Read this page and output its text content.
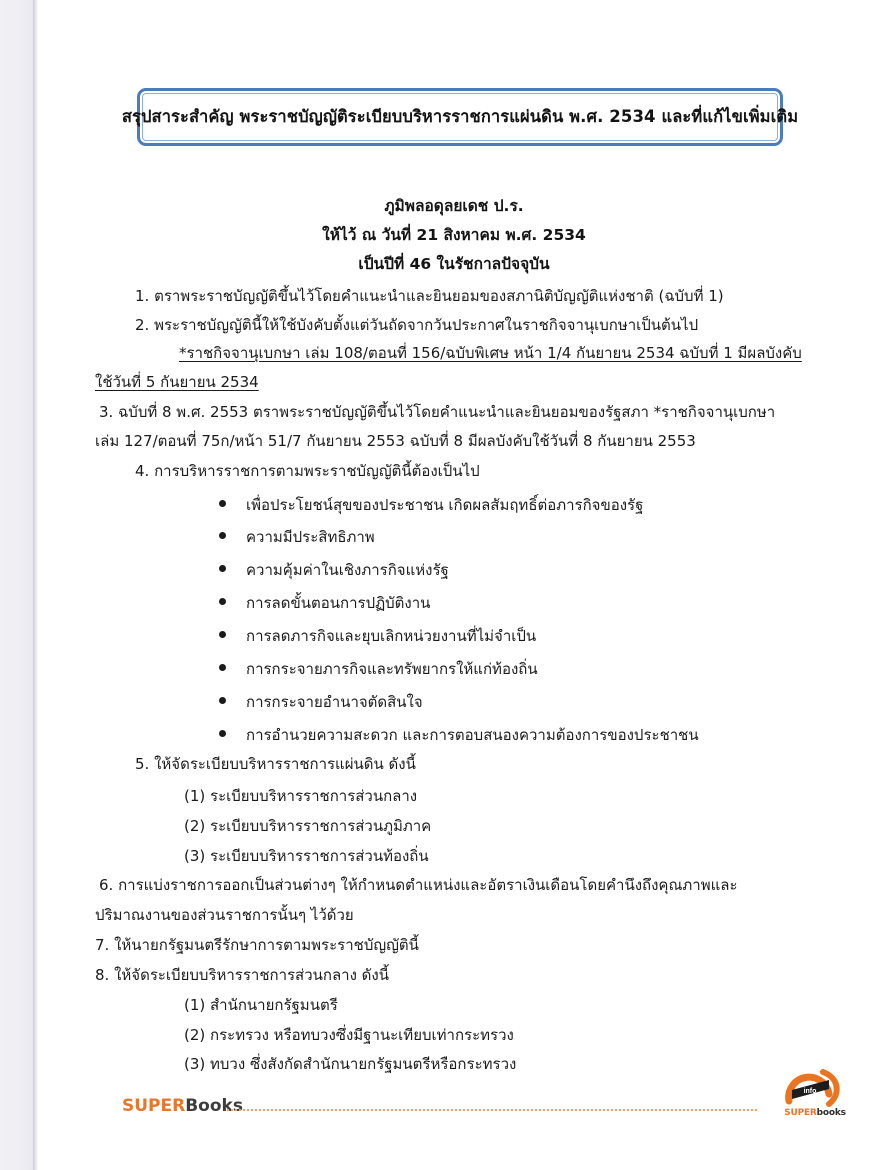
สรุปสาระสำคัญ พระราชบัญญัติระเบียบบริหารราชการแผ่นดิน พ.ศ. 2534 และที่แก้ไขเพิ่มเติม
ภูมิพลอดุลยเดช ป.ร.
ให้ไว้ ณ วันที่ 21 สิงหาคม พ.ศ. 2534
เป็นปีที่ 46 ในรัชกาลปัจจุบัน
1. ตราพระราชบัญญัติขึ้นไว้โดยคำแนะนำและยินยอมของสภานิติบัญญัติแห่งชาติ (ฉบับที่ 1)
2. พระราชบัญญัตินี้ให้ใช้บังคับตั้งแต่วันถัดจากวันประกาศในราชกิจจานุเบกษาเป็นต้นไป
*ราชกิจจานุเบกษา เล่ม 108/ตอนที่ 156/ฉบับพิเศษ หน้า 1/4 กันยายน 2534 ฉบับที่ 1 มีผลบังคับ
ใช้วันที่ 5 กันยายน 2534
3. ฉบับที่ 8 พ.ศ. 2553 ตราพระราชบัญญัติขึ้นไว้โดยคำแนะนำและยินยอมของรัฐสภา *ราชกิจจานุเบกษา
เล่ม 127/ตอนที่ 75ก/หน้า 51/7 กันยายน 2553 ฉบับที่ 8 มีผลบังคับใช้วันที่ 8 กันยายน 2553
4. การบริหารราชการตามพระราชบัญญัตินี้ต้องเป็นไป
เพื่อประโยชน์สุขของประชาชน เกิดผลสัมฤทธิ์ต่อภารกิจของรัฐ
ความมีประสิทธิภาพ
ความคุ้มค่าในเชิงภารกิจแห่งรัฐ
การลดขั้นตอนการปฏิบัติงาน
การลดภารกิจและยุบเลิกหน่วยงานที่ไม่จำเป็น
การกระจายภารกิจและทรัพยากรให้แก่ท้องถิ่น
การกระจายอำนาจตัดสินใจ
การอำนวยความสะดวก และการตอบสนองความต้องการของประชาชน
5. ให้จัดระเบียบบริหารราชการแผ่นดิน ดังนี้
(1) ระเบียบบริหารราชการส่วนกลาง
(2) ระเบียบบริหารราชการส่วนภูมิภาค
(3) ระเบียบบริหารราชการส่วนท้องถิ่น
6. การแบ่งราชการออกเป็นส่วนต่างๆ ให้กำหนดตำแหน่งและอัตราเงินเดือนโดยคำนึงถึงคุณภาพและ
ปริมาณงานของส่วนราชการนั้นๆ ไว้ด้วย
7. ให้นายกรัฐมนตรีรักษาการตามพระราชบัญญัตินี้
8. ให้จัดระเบียบบริหารราชการส่วนกลาง ดังนี้
(1) สำนักนายกรัฐมนตรี
(2) กระทรวง หรือทบวงซึ่งมีฐานะเทียบเท่ากระทรวง
(3) ทบวง ซึ่งสังกัดสำนักนายกรัฐมนตรีหรือกระทรวง
SUPERBooks
info
SUPERbooks
